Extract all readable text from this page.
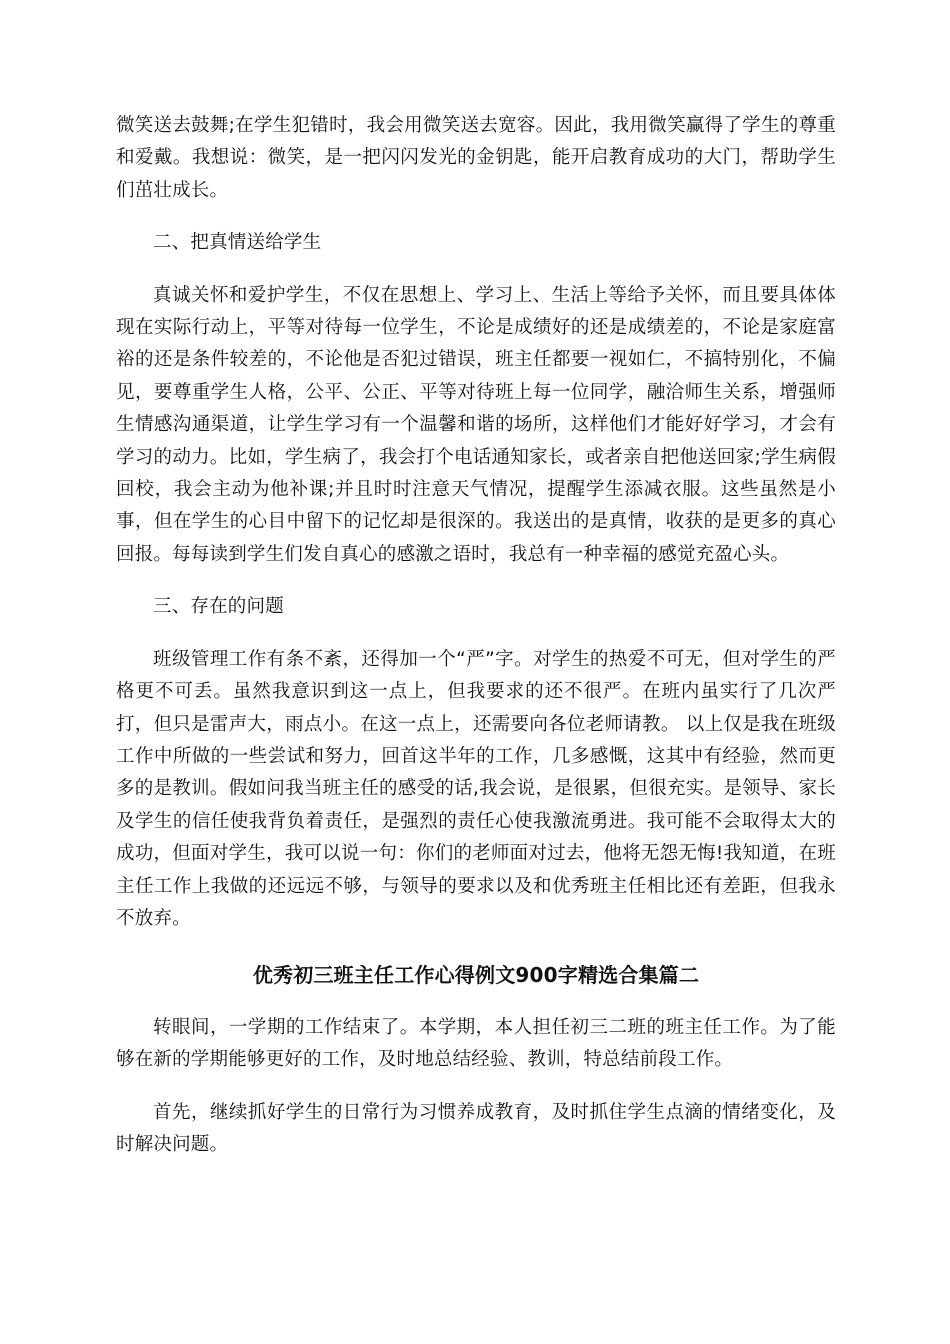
微笑送去鼓舞;在学生犯错时，我会用微笑送去宽容。因此，我用微笑赢得了学生的尊重和爱戴。我想说：微笑，是一把闪闪发光的金钥匙，能开启教育成功的大门，帮助学生们茁壮成长。

二、把真情送给学生

真诚关怀和爱护学生，不仅在思想上、学习上、生活上等给予关怀，而且要具体体现在实际行动上，平等对待每一位学生，不论是成绩好的还是成绩差的，不论是家庭富裕的还是条件较差的，不论他是否犯过错误，班主任都要一视如仁，不搞特别化，不偏见，要尊重学生人格，公平、公正、平等对待班上每一位同学，融洽师生关系，增强师生情感沟通渠道，让学生学习有一个温馨和谐的场所，这样他们才能好好学习，才会有学习的动力。比如，学生病了，我会打个电话通知家长，或者亲自把他送回家;学生病假回校，我会主动为他补课;并且时时注意天气情况，提醒学生添减衣服。这些虽然是小事，但在学生的心目中留下的记忆却是很深的。我送出的是真情，收获的是更多的真心回报。每每读到学生们发自真心的感激之语时，我总有一种幸福的感觉充盈心头。

三、存在的问题

班级管理工作有条不紊，还得加一个“严”字。对学生的热爱不可无，但对学生的严格更不可丢。虽然我意识到这一点上，但我要求的还不很严。在班内虽实行了几次严打，但只是雷声大，雨点小。在这一点上，还需要向各位老师请教。 以上仅是我在班级工作中所做的一些尝试和努力，回首这半年的工作，几多感慨，这其中有经验，然而更多的是教训。假如问我当班主任的感受的话,我会说，是很累，但很充实。是领导、家长及学生的信任使我背负着责任，是强烈的责任心使我激流勇进。我可能不会取得太大的成功，但面对学生，我可以说一句：你们的老师面对过去，他将无怨无悔!我知道，在班主任工作上我做的还远远不够，与领导的要求以及和优秀班主任相比还有差距，但我永不放弃。

优秀初三班主任工作心得例文900字精选合集篇二

转眼间，一学期的工作结束了。本学期，本人担任初三二班的班主任工作。为了能够在新的学期能够更好的工作，及时地总结经验、教训，特总结前段工作。

首先，继续抓好学生的日常行为习惯养成教育，及时抓住学生点滴的情绪变化，及时解决问题。
